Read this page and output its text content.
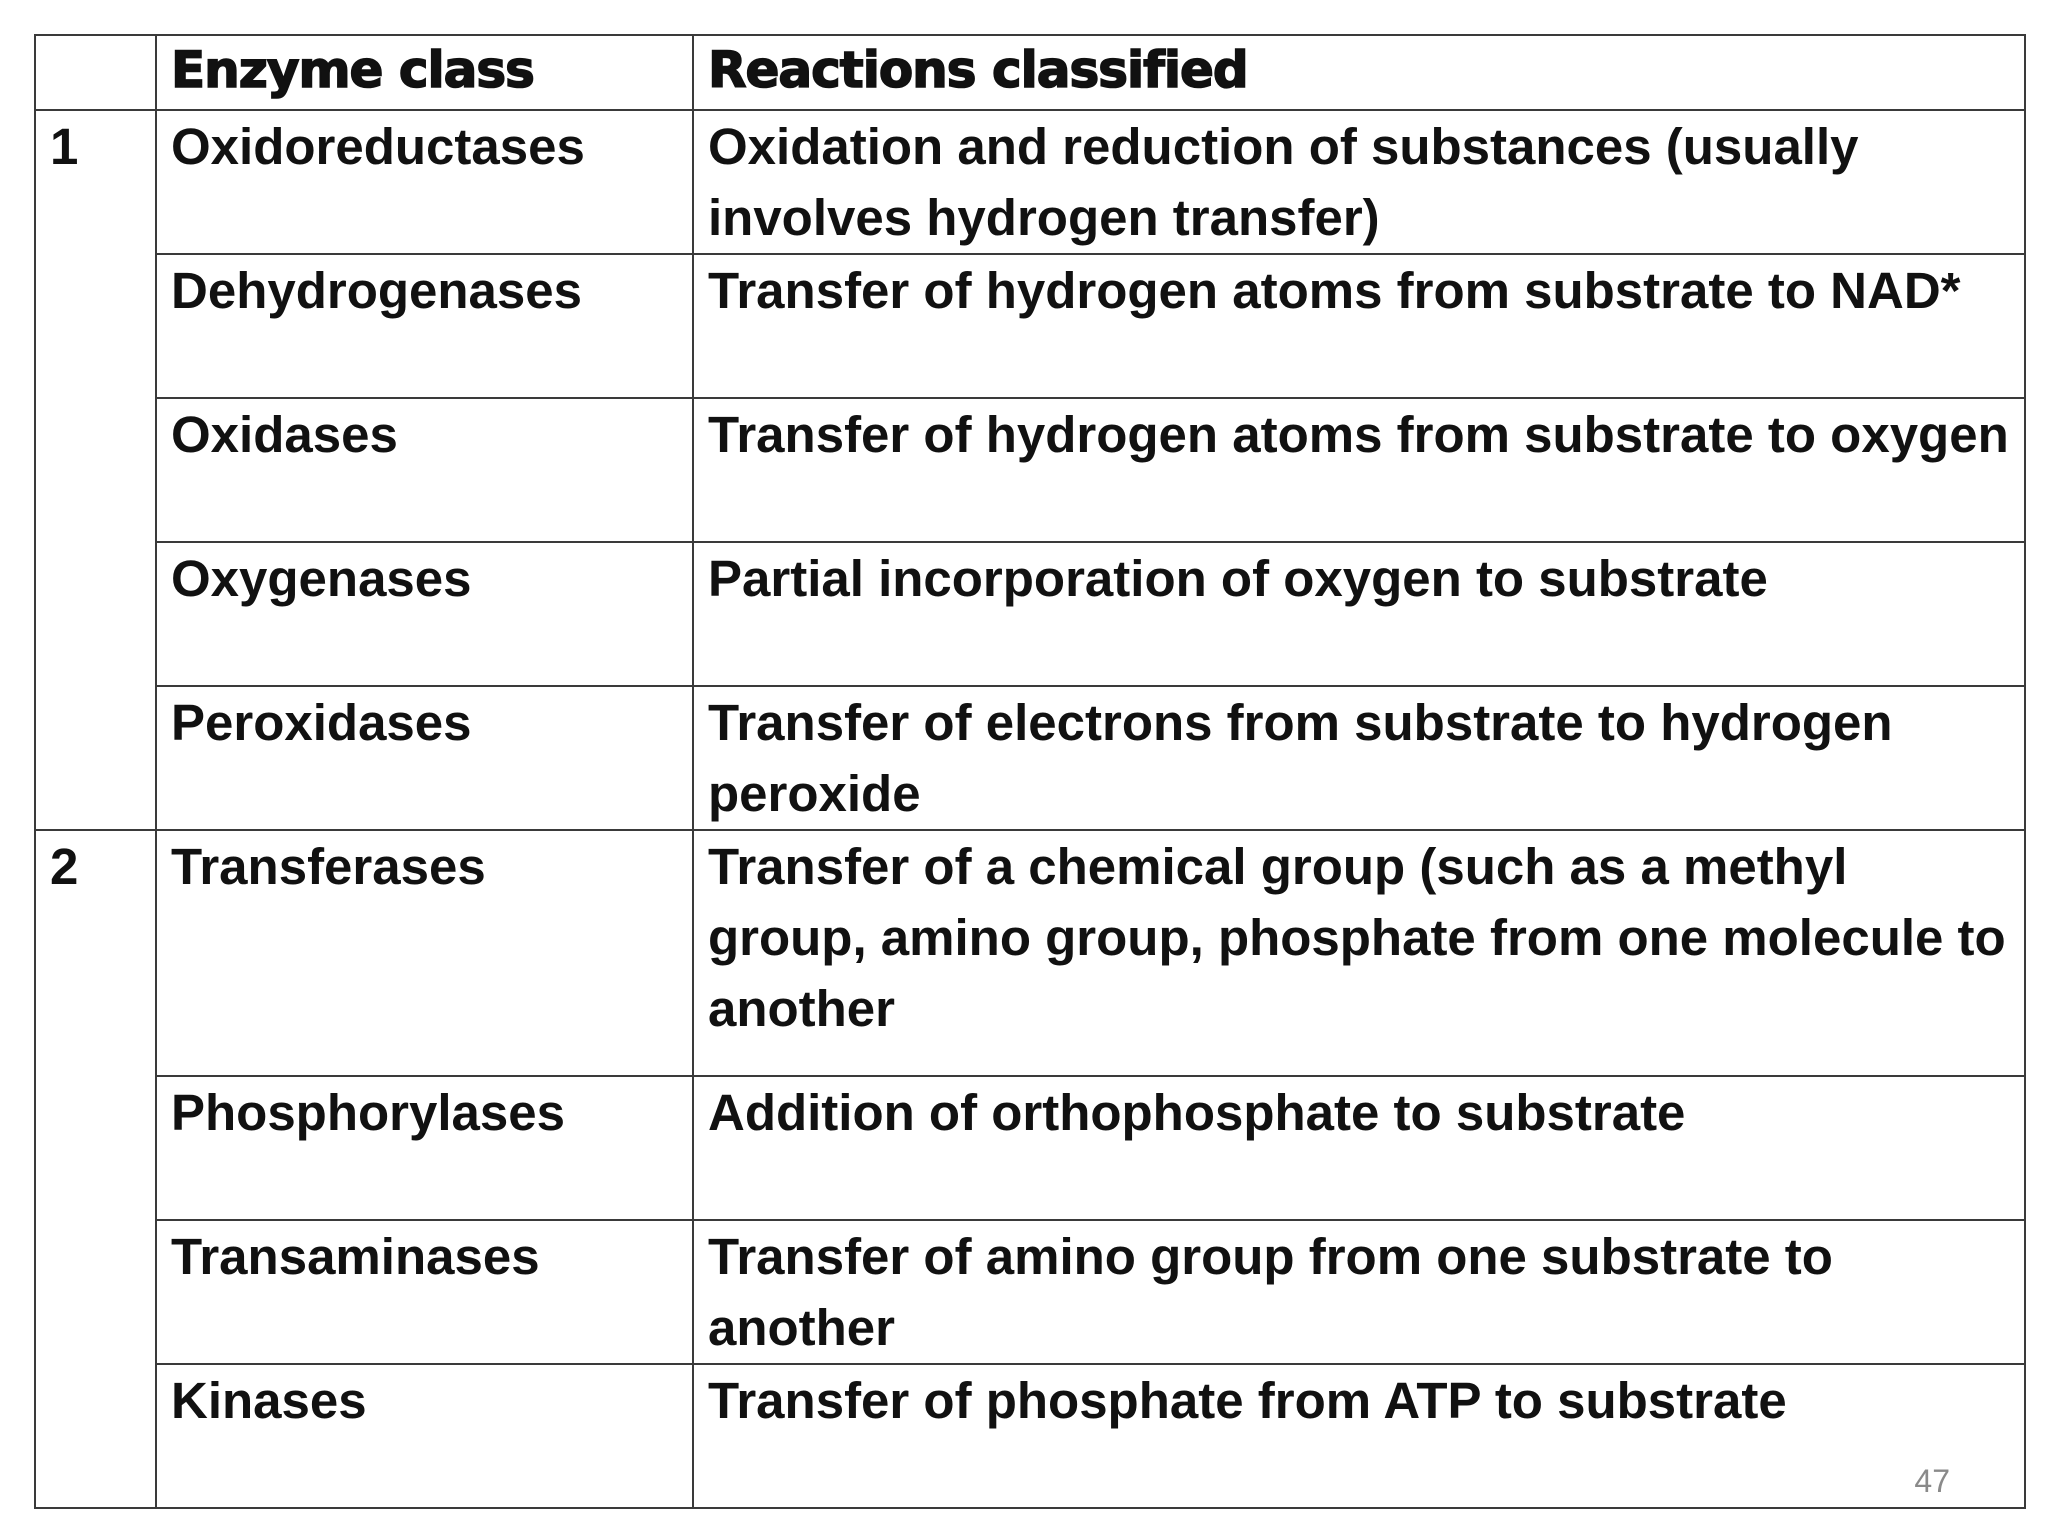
	Enzyme class	Reactions classified
1	Oxidoreductases	Oxidation and reduction of substances (usually involves hydrogen transfer)
	Dehydrogenases	Transfer of hydrogen atoms from substrate to NAD*
	Oxidases	Transfer of hydrogen atoms from substrate to oxygen
	Oxygenases	Partial incorporation of oxygen to substrate
	Peroxidases	Transfer of electrons from substrate to hydrogen peroxide
2	Transferases	Transfer of a chemical group (such as a methyl group, amino group, phosphate from one molecule to another
	Phosphorylases	Addition of orthophosphate to substrate
	Transaminases	Transfer of amino group from one substrate to another
	Kinases	Transfer of phosphate from ATP to substrate
47
